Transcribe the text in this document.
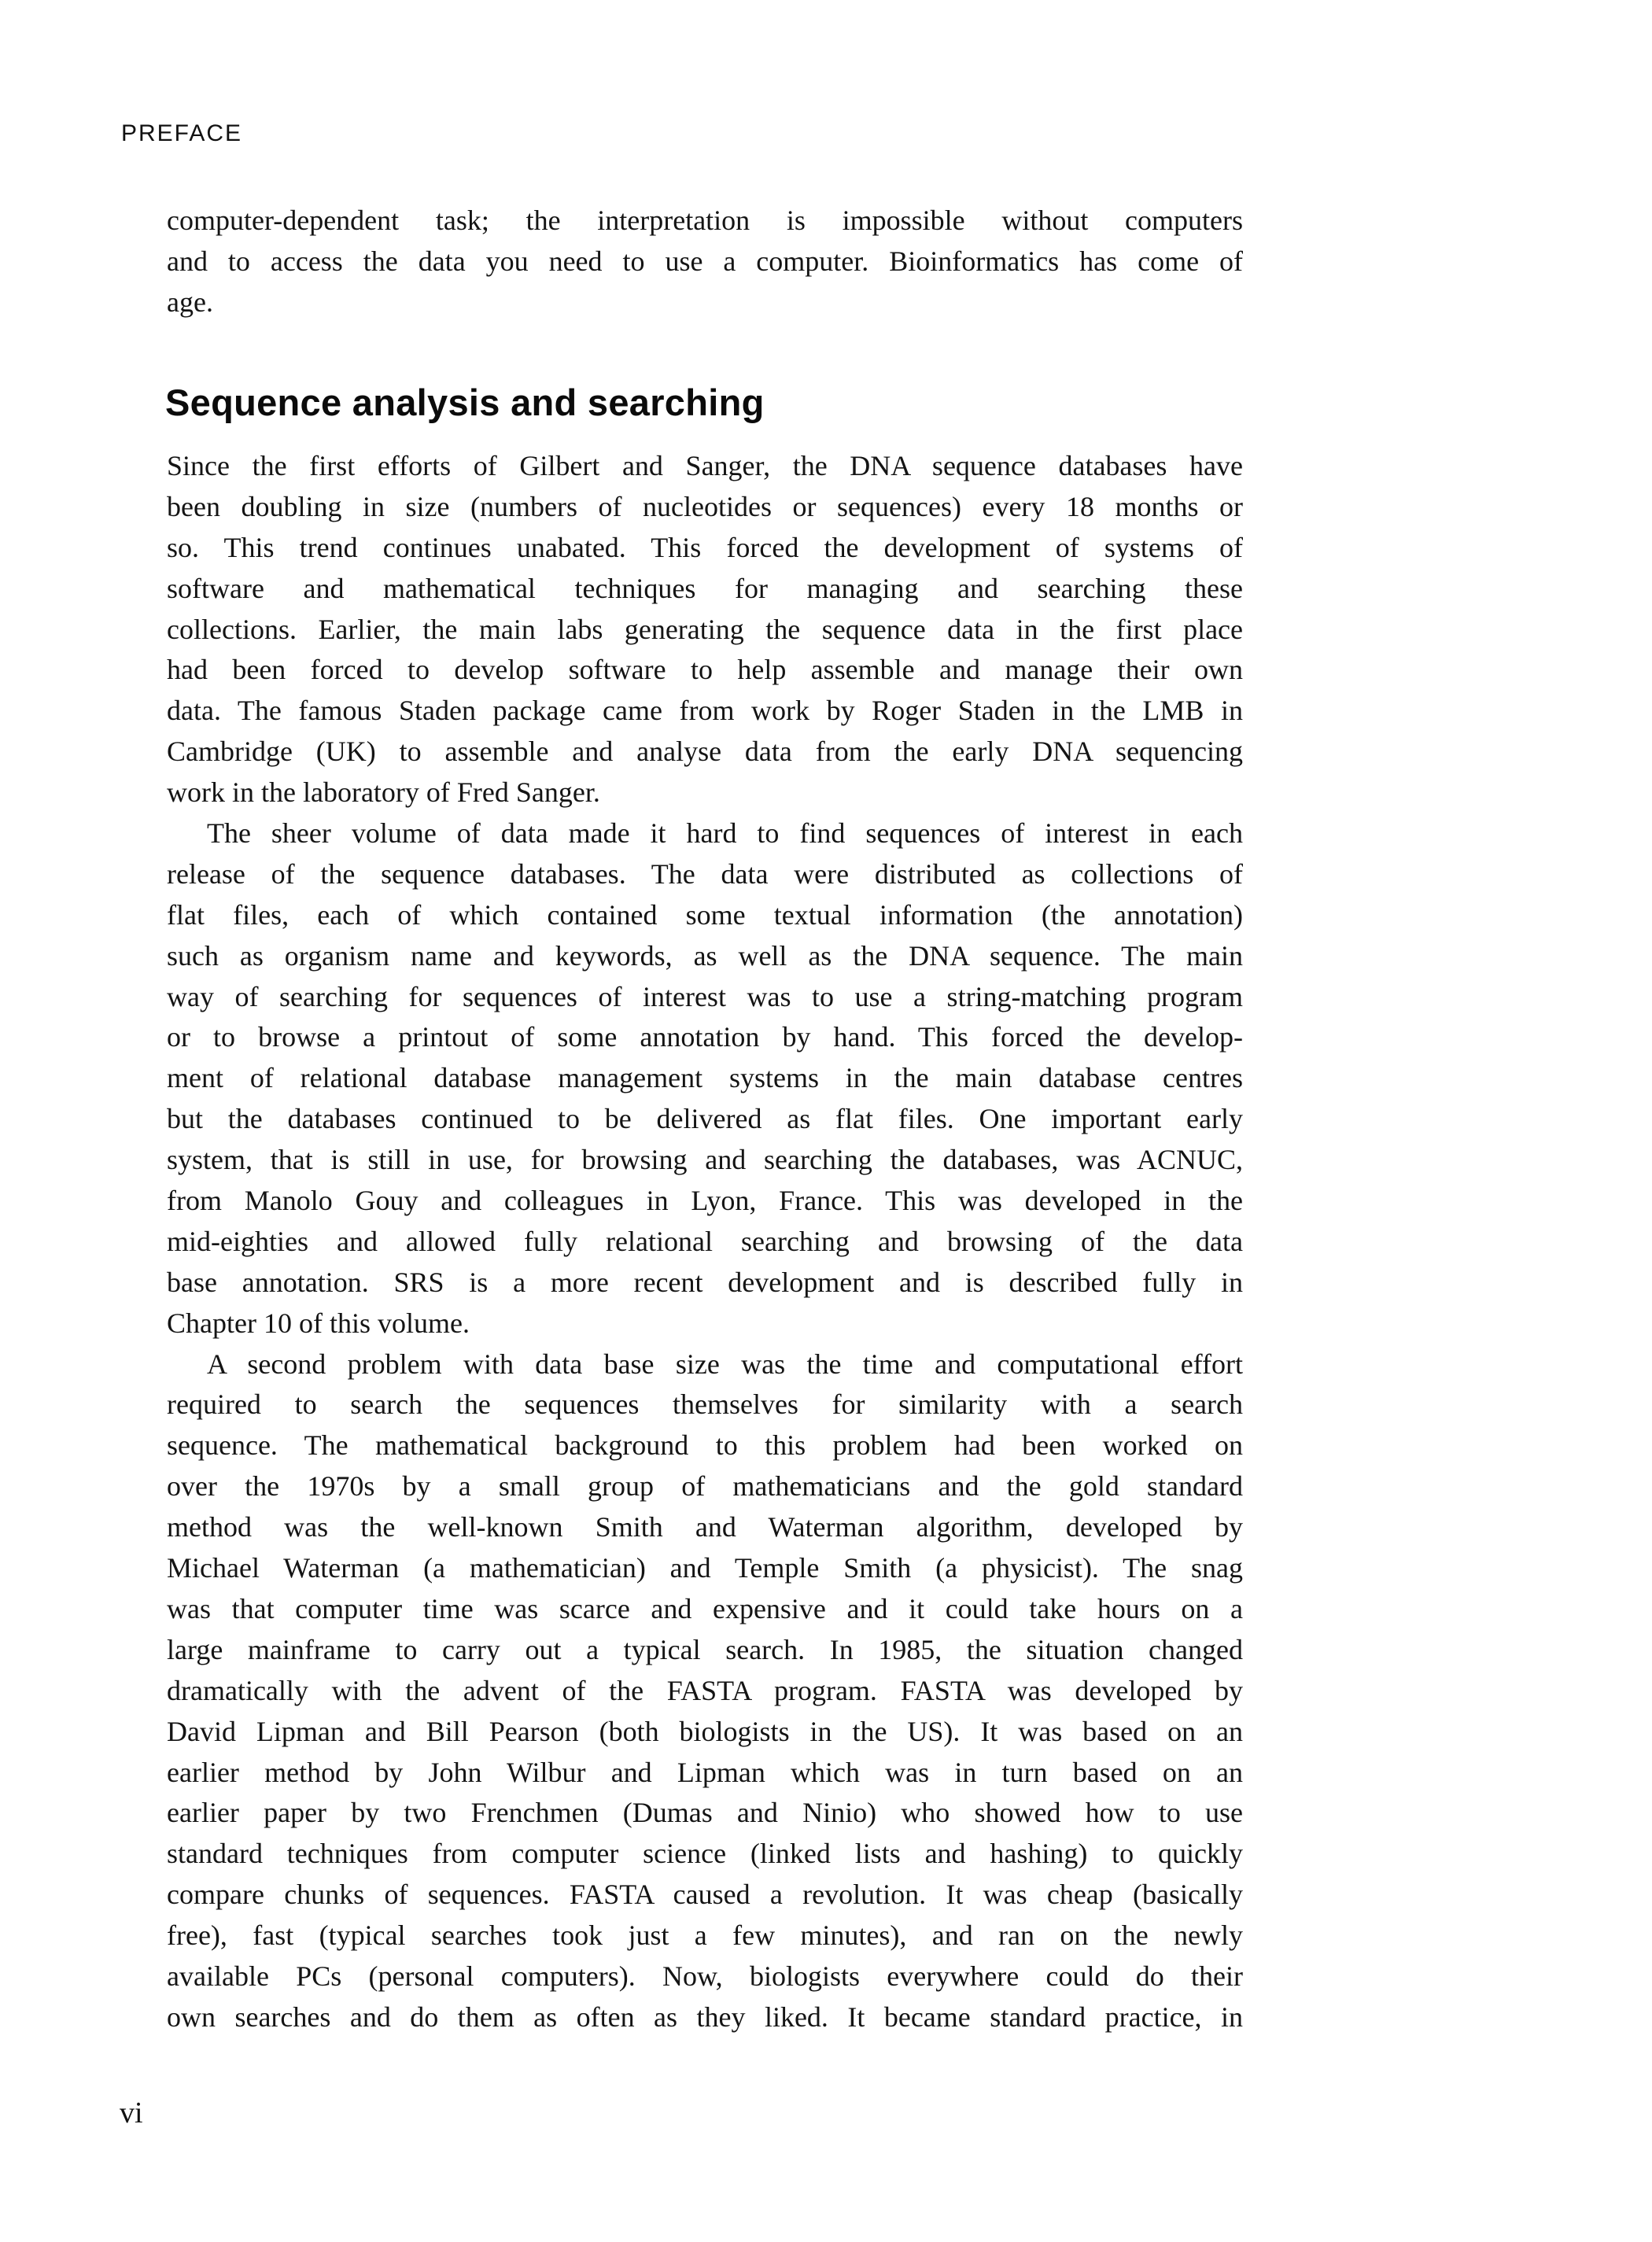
PREFACE
computer-dependent task; the interpretation is impossible without computers
and to access the data you need to use a computer. Bioinformatics has come of
age.
Sequence analysis and searching
Since the first efforts of Gilbert and Sanger, the DNA sequence databases have
been doubling in size (numbers of nucleotides or sequences) every 18 months or
so. This trend continues unabated. This forced the development of systems of
software and mathematical techniques for managing and searching these
collections. Earlier, the main labs generating the sequence data in the first place
had been forced to develop software to help assemble and manage their own
data. The famous Staden package came from work by Roger Staden in the LMB in
Cambridge (UK) to assemble and analyse data from the early DNA sequencing
work in the laboratory of Fred Sanger.
The sheer volume of data made it hard to find sequences of interest in each
release of the sequence databases. The data were distributed as collections of
flat files, each of which contained some textual information (the annotation)
such as organism name and keywords, as well as the DNA sequence. The main
way of searching for sequences of interest was to use a string-matching program
or to browse a printout of some annotation by hand. This forced the develop-
ment of relational database management systems in the main database centres
but the databases continued to be delivered as flat files. One important early
system, that is still in use, for browsing and searching the databases, was ACNUC,
from Manolo Gouy and colleagues in Lyon, France. This was developed in the
mid-eighties and allowed fully relational searching and browsing of the data
base annotation. SRS is a more recent development and is described fully in
Chapter 10 of this volume.
A second problem with data base size was the time and computational effort
required to search the sequences themselves for similarity with a search
sequence. The mathematical background to this problem had been worked on
over the 1970s by a small group of mathematicians and the gold standard
method was the well-known Smith and Waterman algorithm, developed by
Michael Waterman (a mathematician) and Temple Smith (a physicist). The snag
was that computer time was scarce and expensive and it could take hours on a
large mainframe to carry out a typical search. In 1985, the situation changed
dramatically with the advent of the FASTA program. FASTA was developed by
David Lipman and Bill Pearson (both biologists in the US). It was based on an
earlier method by John Wilbur and Lipman which was in turn based on an
earlier paper by two Frenchmen (Dumas and Ninio) who showed how to use
standard techniques from computer science (linked lists and hashing) to quickly
compare chunks of sequences. FASTA caused a revolution. It was cheap (basically
free), fast (typical searches took just a few minutes), and ran on the newly
available PCs (personal computers). Now, biologists everywhere could do their
own searches and do them as often as they liked. It became standard practice, in
vi
